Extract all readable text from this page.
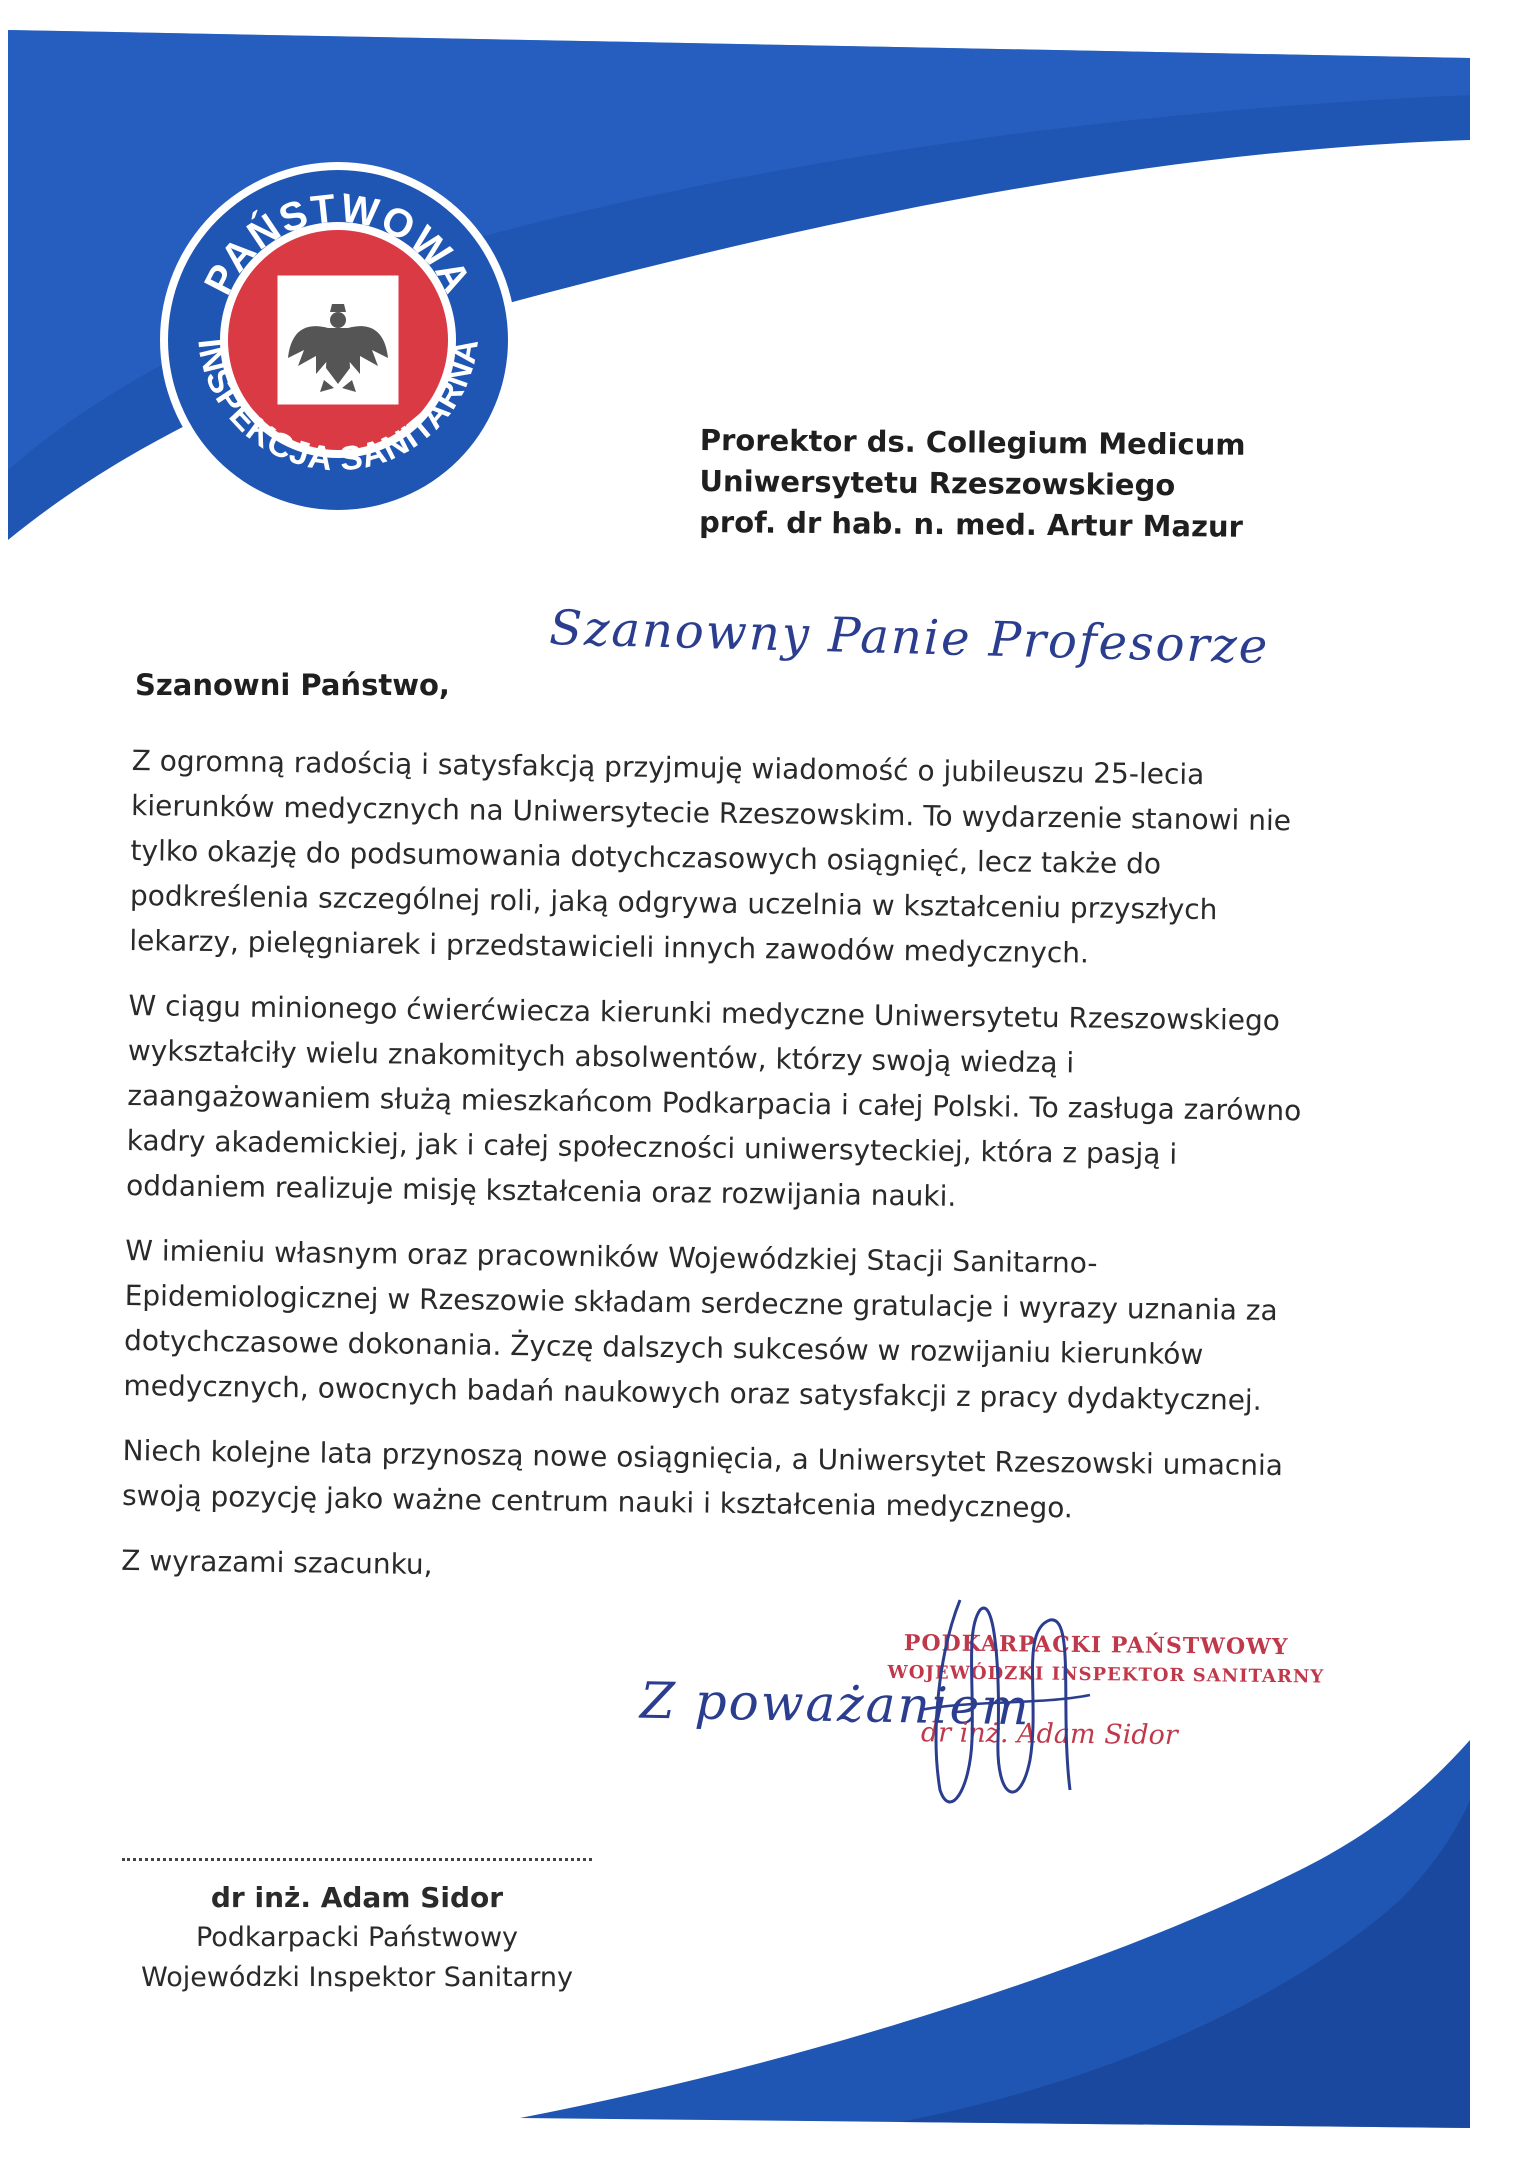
PAŃSTWOWA
INSPEKCJA SANITARNA
Prorektor ds. Collegium Medicum
Uniwersytetu Rzeszowskiego
prof. dr hab. n. med. Artur Mazur
Szanowny Panie Profesorze
Szanowni Państwo,

Z ogromną radością i satysfakcją przyjmuję wiadomość o jubileuszu 25-lecia kierunków medycznych na Uniwersytecie Rzeszowskim. To wydarzenie stanowi nie tylko okazję do podsumowania dotychczasowych osiągnięć, lecz także do podkreślenia szczególnej roli, jaką odgrywa uczelnia w kształceniu przyszłych lekarzy, pielęgniarek i przedstawicieli innych zawodów medycznych.

W ciągu minionego ćwierćwiecza kierunki medyczne Uniwersytetu Rzeszowskiego wykształciły wielu znakomitych absolwentów, którzy swoją wiedzą i zaangażowaniem służą mieszkańcom Podkarpacia i całej Polski. To zasługa zarówno kadry akademickiej, jak i całej społeczności uniwersyteckiej, która z pasją i oddaniem realizuje misję kształcenia oraz rozwijania nauki.

W imieniu własnym oraz pracowników Wojewódzkiej Stacji Sanitarno-Epidemiologicznej w Rzeszowie składam serdeczne gratulacje i wyrazy uznania za dotychczasowe dokonania. Życzę dalszych sukcesów w rozwijaniu kierunków medycznych, owocnych badań naukowych oraz satysfakcji z pracy dydaktycznej.

Niech kolejne lata przynoszą nowe osiągnięcia, a Uniwersytet Rzeszowski umacnia swoją pozycję jako ważne centrum nauki i kształcenia medycznego.

Z wyrazami szacunku,

Z poważaniem
PODKARPACKI PAŃSTWOWY
WOJEWÓDZKI INSPEKTOR SANITARNY
dr inż. Adam Sidor
dr inż. Adam Sidor
Podkarpacki Państwowy
Wojewódzki Inspektor Sanitarny
